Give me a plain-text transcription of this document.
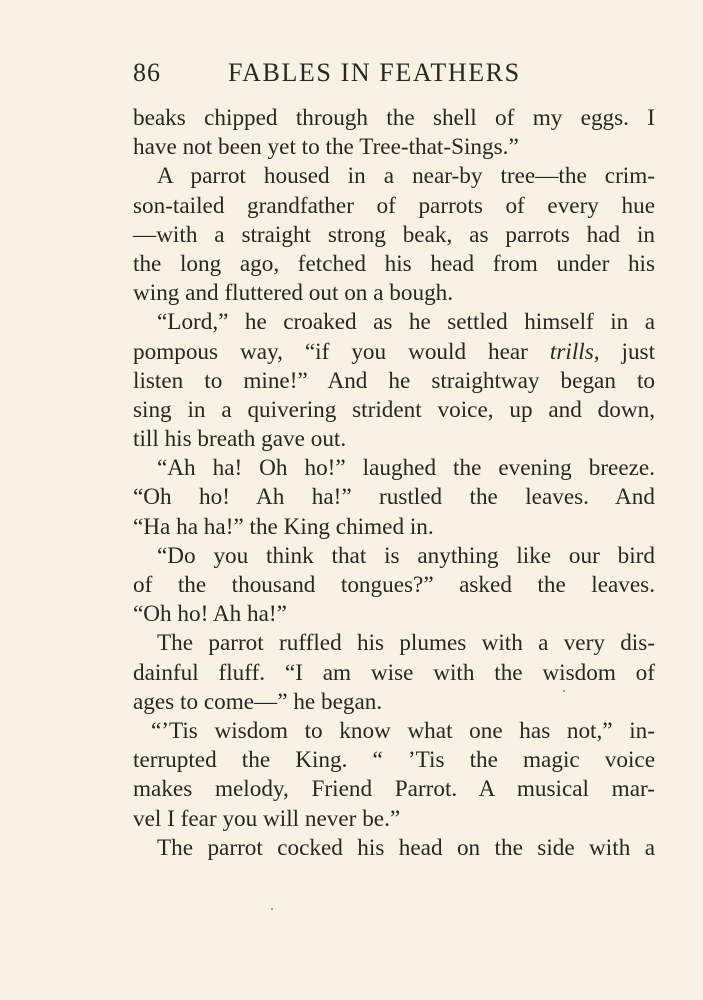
86	FABLES IN FEATHERS
beaks chipped through the shell of my eggs. I
have not been yet to the Tree-that-Sings.”
A parrot housed in a near-by tree—the crim-
son-tailed grandfather of parrots of every hue
—with a straight strong beak, as parrots had in
the long ago, fetched his head from under his
wing and fluttered out on a bough.
“Lord,” he croaked as he settled himself in a
pompous way, “if you would hear trills, just
listen to mine!” And he straightway began to
sing in a quivering strident voice, up and down,
till his breath gave out.
“Ah ha! Oh ho!” laughed the evening breeze.
“Oh ho! Ah ha!” rustled the leaves. And
“Ha ha ha!” the King chimed in.
“Do you think that is anything like our bird
of the thousand tongues?” asked the leaves.
“Oh ho! Ah ha!”
The parrot ruffled his plumes with a very dis-
dainful fluff. “I am wise with the wisdom of
ages to come—” he began.
“’Tis wisdom to know what one has not,” in-
terrupted the King. “ ’Tis the magic voice
makes melody, Friend Parrot. A musical mar-
vel I fear you will never be.”
The parrot cocked his head on the side with a
